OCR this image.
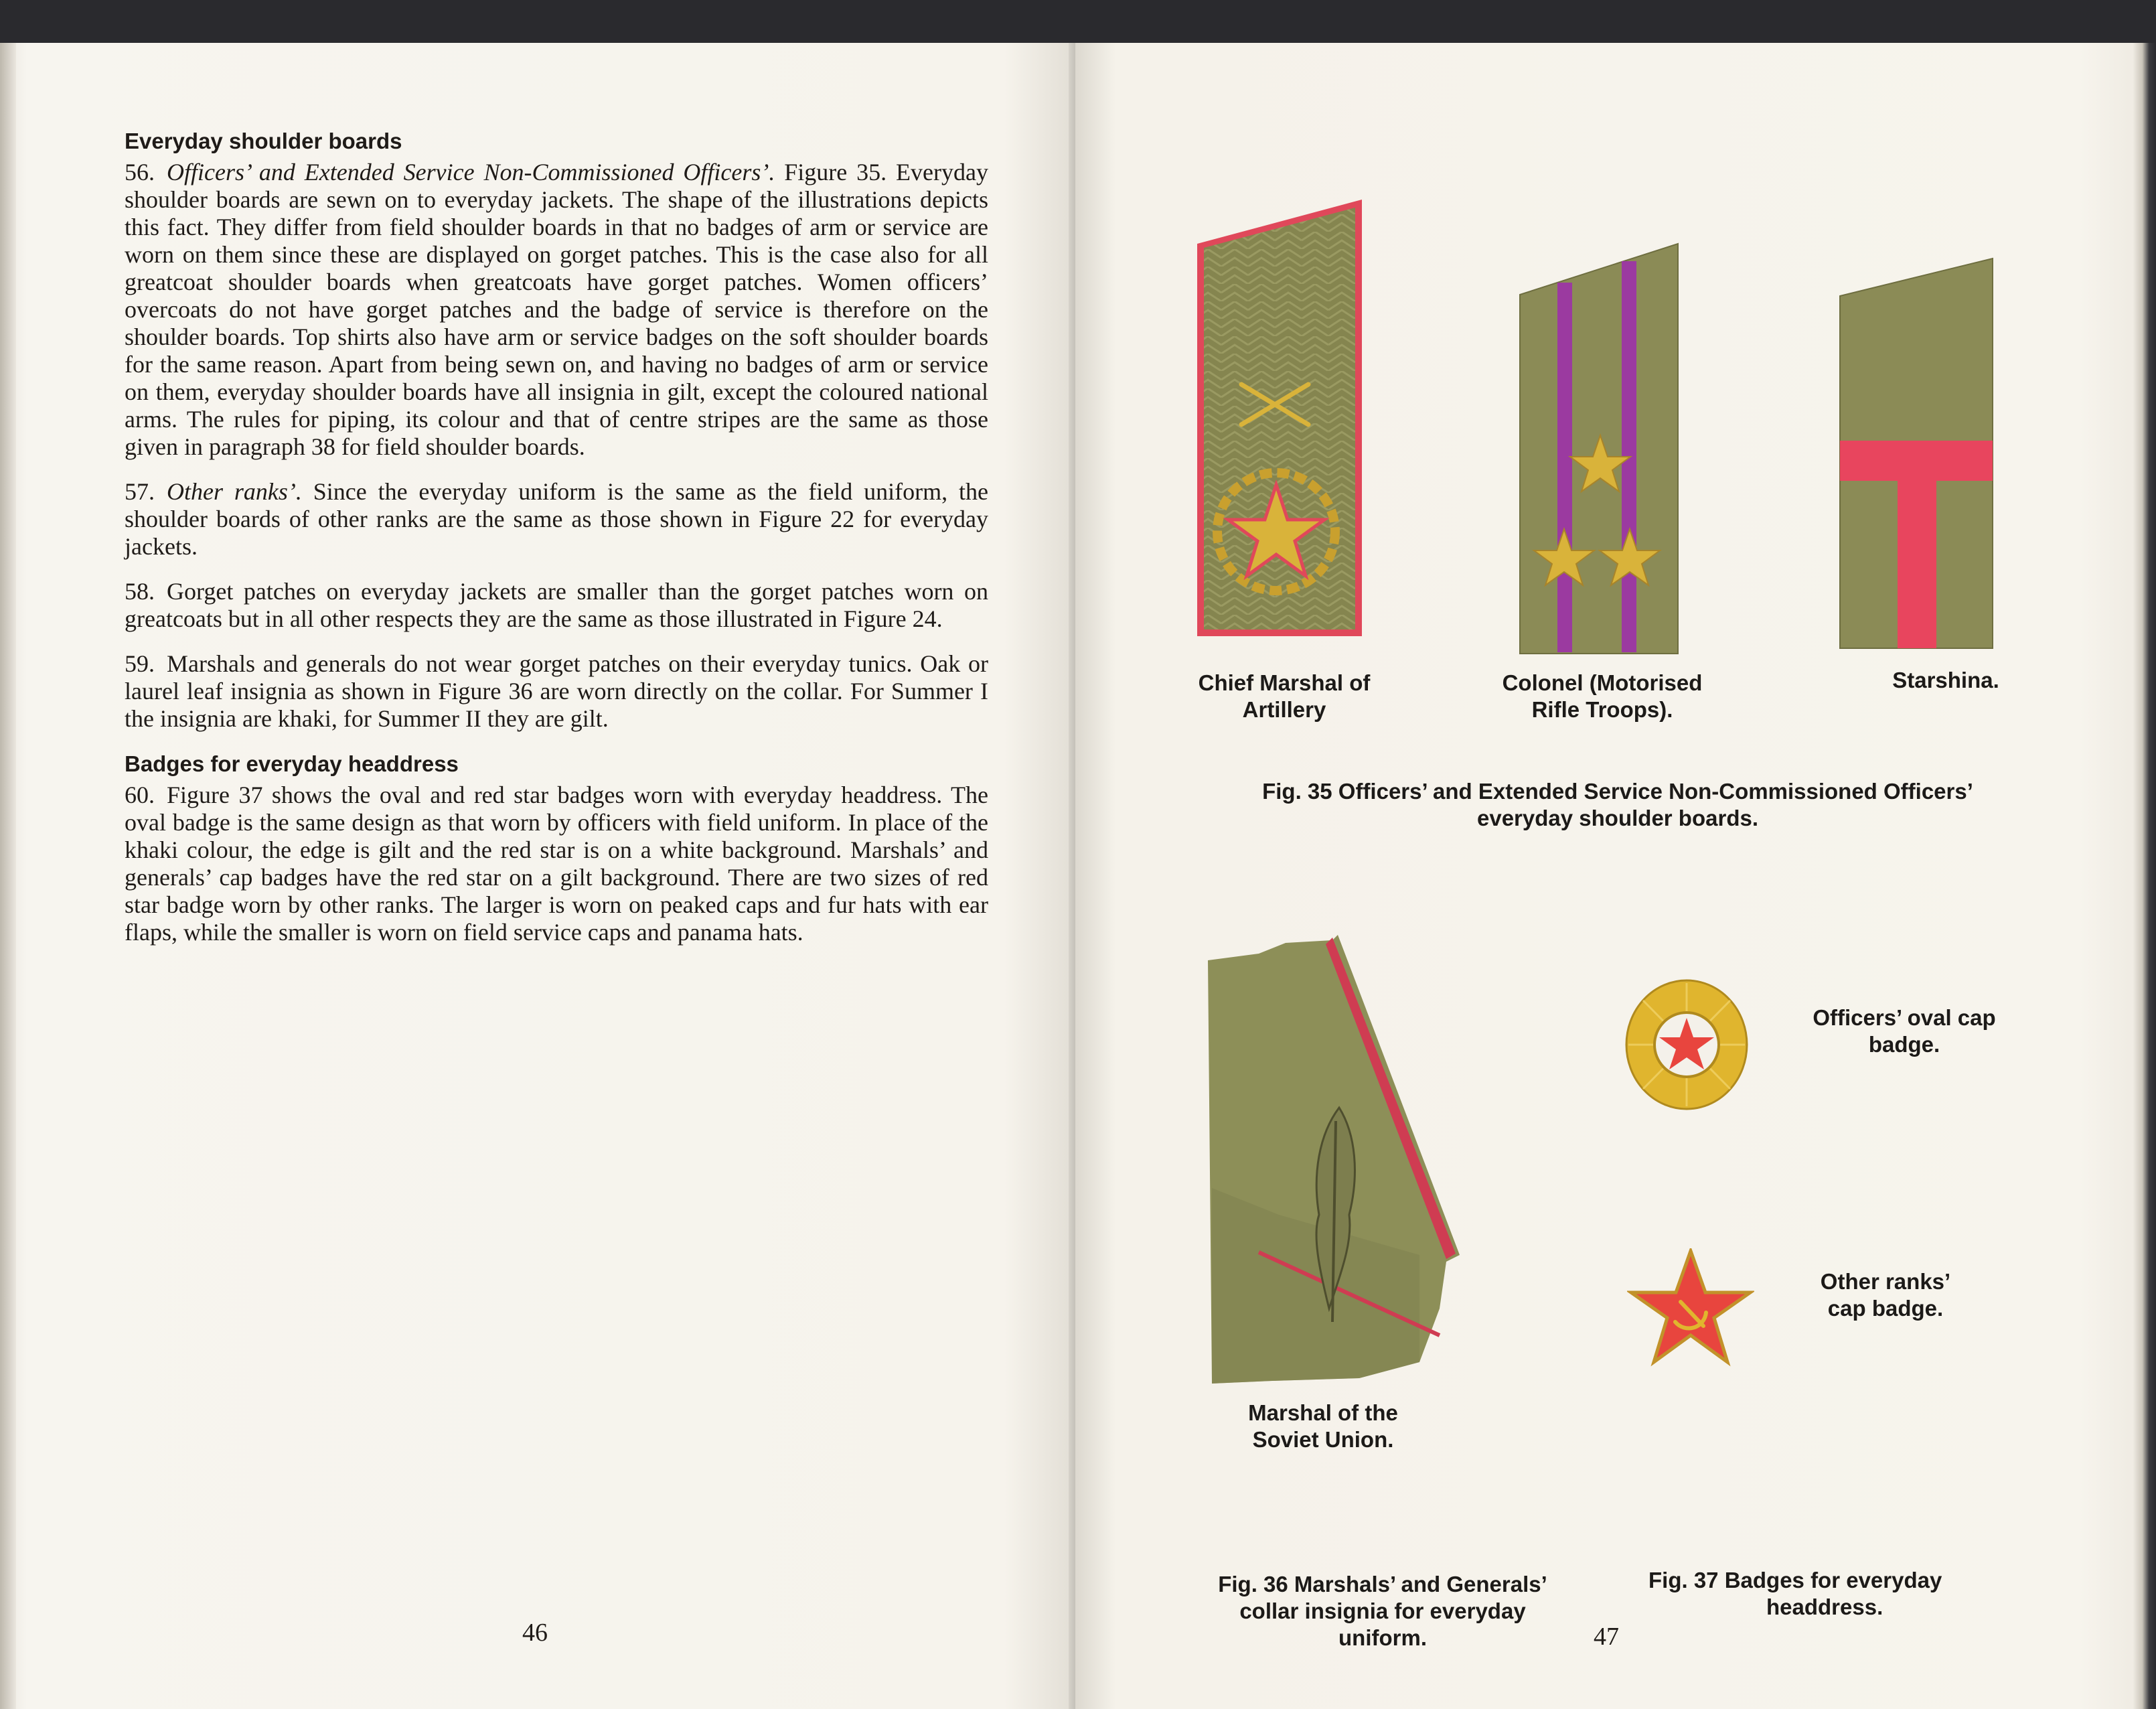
Everyday shoulder boards

56. Officers’ and Extended Service Non-Commissioned Officers’. Figure 35. Everyday shoulder boards are sewn on to everyday jackets. The shape of the illustrations depicts this fact. They differ from field shoulder boards in that no badges of arm or service are worn on them since these are displayed on gorget patches. This is the case also for all greatcoat shoulder boards when greatcoats have gorget patches. Women officers’ overcoats do not have gorget patches and the badge of service is therefore on the shoulder boards. Top shirts also have arm or service badges on the soft shoulder boards for the same reason. Apart from being sewn on, and having no badges of arm or service on them, everyday shoulder boards have all insignia in gilt, except the coloured national arms. The rules for piping, its colour and that of centre stripes are the same as those given in paragraph 38 for field shoulder boards.

57. Other ranks’. Since the everyday uniform is the same as the field uniform, the shoulder boards of other ranks are the same as those shown in Figure 22 for everyday jackets.

58. Gorget patches on everyday jackets are smaller than the gorget patches worn on greatcoats but in all other respects they are the same as those illustrated in Figure 24.

59. Marshals and generals do not wear gorget patches on their everyday tunics. Oak or laurel leaf insignia as shown in Figure 36 are worn directly on the collar. For Summer I the insignia are khaki, for Summer II they are gilt.

Badges for everyday headdress

60. Figure 37 shows the oval and red star badges worn with everyday headdress. The oval badge is the same design as that worn by officers with field uniform. In place of the khaki colour, the edge is gilt and the red star is on a white background. Marshals’ and generals’ cap badges have the red star on a gilt background. There are two sizes of red star badge worn by other ranks. The larger is worn on peaked caps and fur hats with ear flaps, while the smaller is worn on field service caps and panama hats.

46
Chief Marshal of
Artillery
Colonel (Motorised
Rifle Troops).
Starshina.
Fig. 35 Officers’ and Extended Service Non-Commissioned Officers’
everyday shoulder boards.
Marshal of the
Soviet Union.
Officers’ oval cap
badge.
Other ranks’
cap badge.
Fig. 36 Marshals’ and Generals’
collar insignia for everyday
uniform.
Fig. 37 Badges for everyday
headdress.
47
